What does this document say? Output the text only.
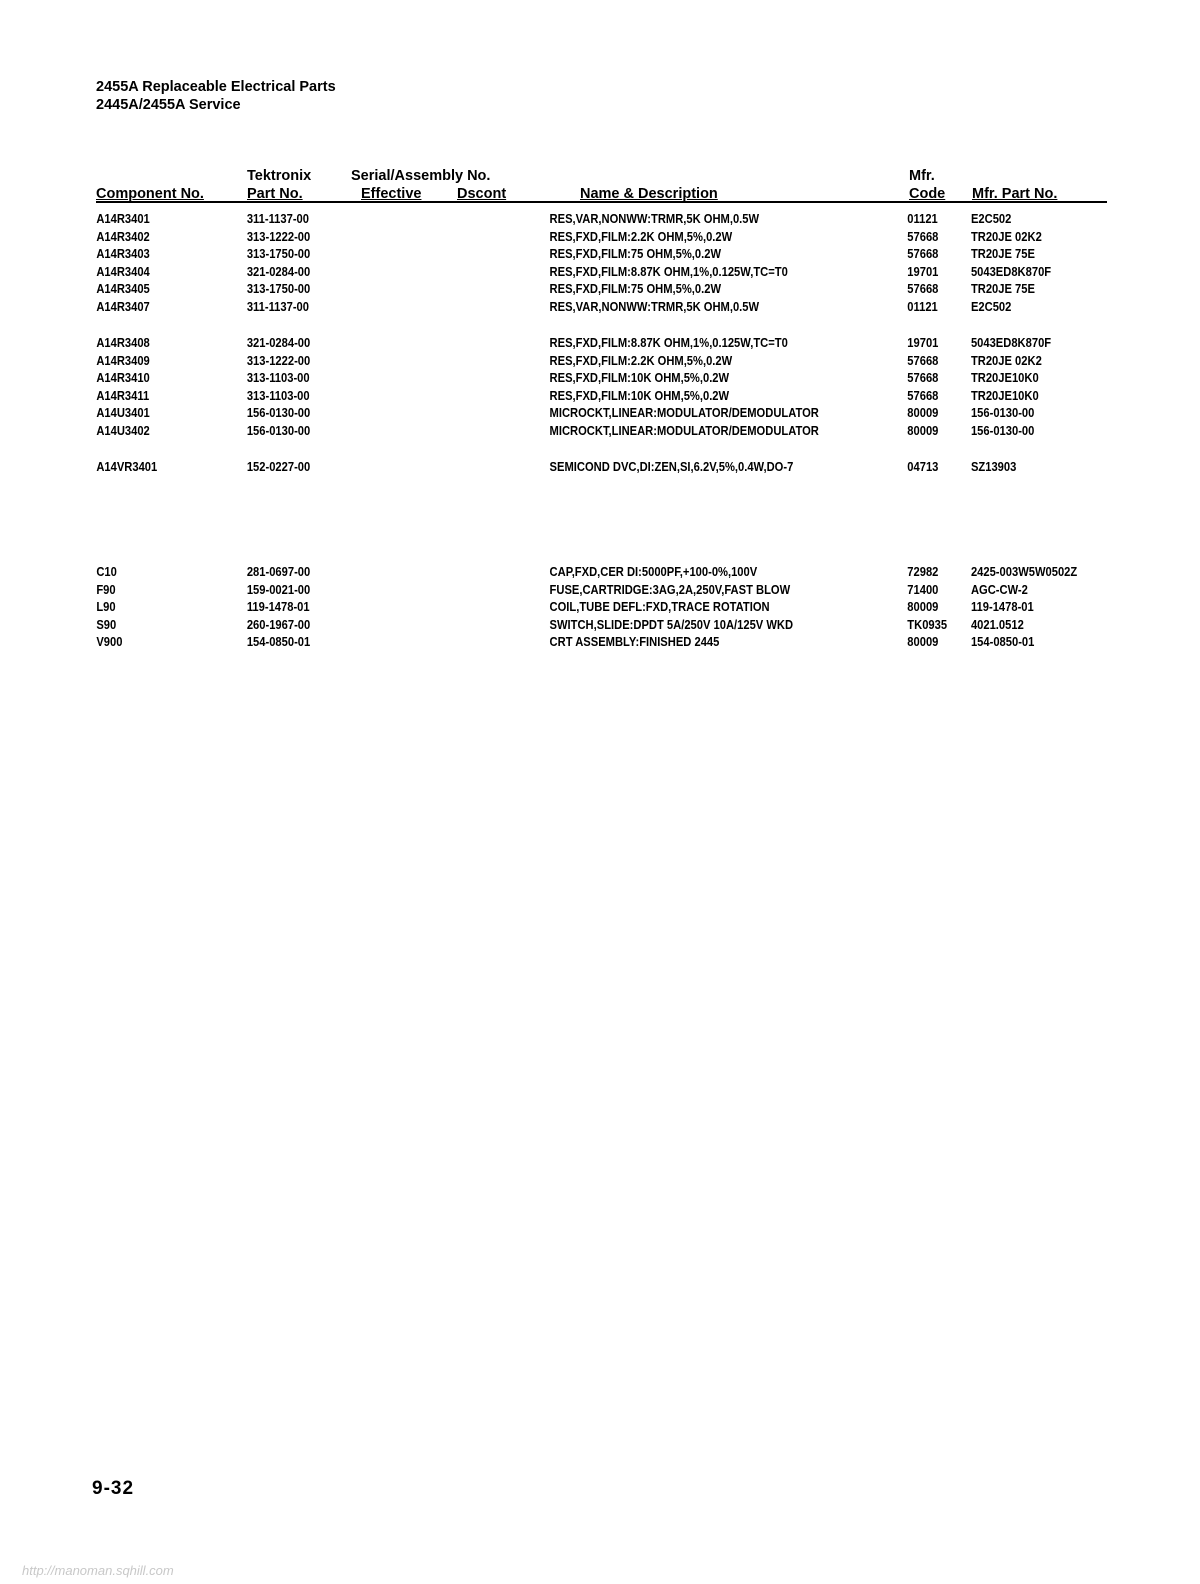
2455A Replaceable Electrical Parts
2445A/2455A Service
Tektronix	Serial/Assembly No.	Mfr.
Component No.	Part No.	Effective Dscont	Name & Description	Code Mfr. Part No.
A14R3401	311-1137-00	RES,VAR,NONWW:TRMR,5K OHM,0.5W	01121	E2C502
A14R3402	313-1222-00	RES,FXD,FILM:2.2K OHM,5%,0.2W	57668	TR20JE 02K2
A14R3403	313-1750-00	RES,FXD,FILM:75 OHM,5%,0.2W	57668	TR20JE 75E
A14R3404	321-0284-00	RES,FXD,FILM:8.87K OHM,1%,0.125W,TC=T0	19701	5043ED8K870F
A14R3405	313-1750-00	RES,FXD,FILM:75 OHM,5%,0.2W	57668	TR20JE 75E
A14R3407	311-1137-00	RES,VAR,NONWW:TRMR,5K OHM,0.5W	01121	E2C502
A14R3408	321-0284-00	RES,FXD,FILM:8.87K OHM,1%,0.125W,TC=T0	19701	5043ED8K870F
A14R3409	313-1222-00	RES,FXD,FILM:2.2K OHM,5%,0.2W	57668	TR20JE 02K2
A14R3410	313-1103-00	RES,FXD,FILM:10K OHM,5%,0.2W	57668	TR20JE10K0
A14R3411	313-1103-00	RES,FXD,FILM:10K OHM,5%,0.2W	57668	TR20JE10K0
A14U3401	156-0130-00	MICROCKT,LINEAR:MODULATOR/DEMODULATOR	80009	156-0130-00
A14U3402	156-0130-00	MICROCKT,LINEAR:MODULATOR/DEMODULATOR	80009	156-0130-00
A14VR3401	152-0227-00	SEMICOND DVC,DI:ZEN,SI,6.2V,5%,0.4W,DO-7	04713	SZ13903
C10	281-0697-00	CAP,FXD,CER DI:5000PF,+100-0%,100V	72982	2425-003W5W0502Z
F90	159-0021-00	FUSE,CARTRIDGE:3AG,2A,250V,FAST BLOW	71400	AGC-CW-2
L90	119-1478-01	COIL,TUBE DEFL:FXD,TRACE ROTATION	80009	119-1478-01
S90	260-1967-00	SWITCH,SLIDE:DPDT 5A/250V 10A/125V WKD	TK0935 4021.0512
V900	154-0850-01	CRT ASSEMBLY:FINISHED 2445	80009	154-0850-01
9-32
http://manoman.sqhill.com
